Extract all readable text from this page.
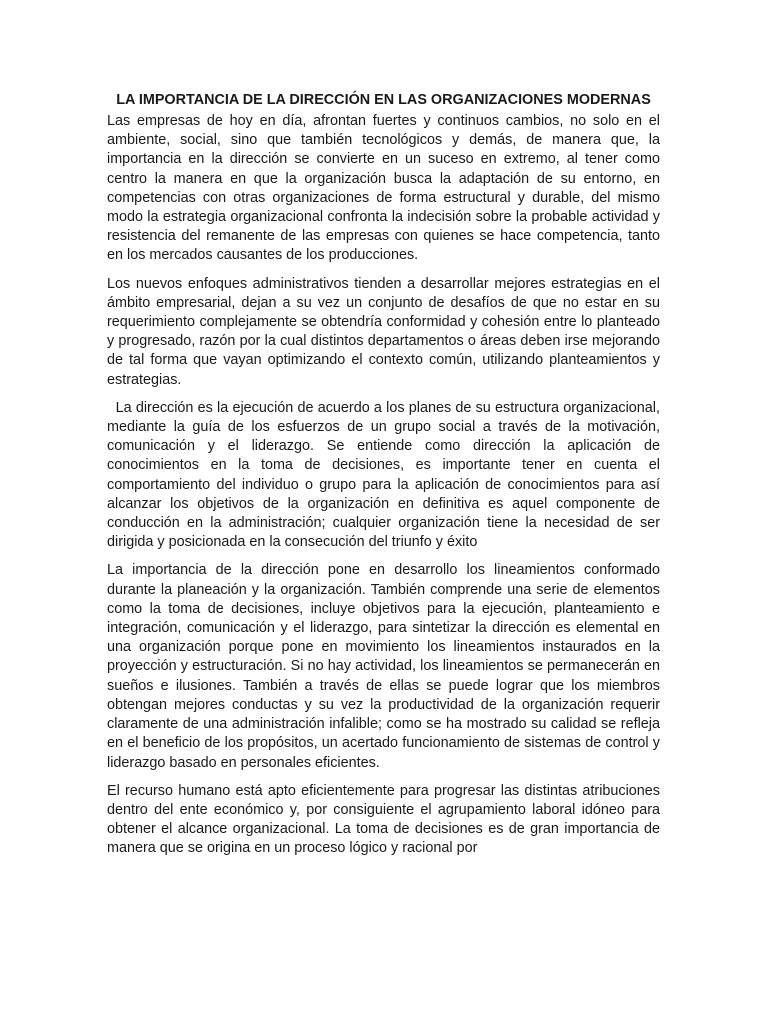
LA IMPORTANCIA DE LA DIRECCIÓN EN LAS ORGANIZACIONES MODERNAS

Las empresas de hoy en día, afrontan fuertes y continuos cambios, no solo en el ambiente, social, sino que también tecnológicos y demás, de manera que, la importancia en la dirección se convierte en un suceso en extremo, al tener como centro la manera en que la organización busca la adaptación de su entorno, en competencias con otras organizaciones de forma estructural y durable, del mismo modo la estrategia organizacional confronta la indecisión sobre la probable actividad y resistencia del remanente de las empresas con quienes se hace competencia, tanto en los mercados causantes de los producciones.

Los nuevos enfoques administrativos tienden a desarrollar mejores estrategias en el ámbito empresarial, dejan a su vez un conjunto de desafíos de que no estar en su requerimiento complejamente se obtendría conformidad y cohesión entre lo planteado y progresado, razón por la cual distintos departamentos o áreas deben irse mejorando de tal forma que vayan optimizando el contexto común, utilizando planteamientos y estrategias.

La dirección es la ejecución de acuerdo a los planes de su estructura organizacional, mediante la guía de los esfuerzos de un grupo social a través de la motivación, comunicación y el liderazgo. Se entiende como dirección la aplicación de conocimientos en la toma de decisiones, es importante tener en cuenta el comportamiento del individuo o grupo para la aplicación de conocimientos para así alcanzar los objetivos de la organización en definitiva es aquel componente de conducción en la administración; cualquier organización tiene la necesidad de ser dirigida y posicionada en la consecución del triunfo y éxito

La importancia de la dirección pone en desarrollo los lineamientos conformado durante la planeación y la organización. También comprende una serie de elementos como la toma de decisiones, incluye objetivos para la ejecución, planteamiento e integración, comunicación y el liderazgo, para sintetizar la dirección es elemental en una organización porque pone en movimiento los lineamientos instaurados en la proyección y estructuración. Si no hay actividad, los lineamientos se permanecerán en sueños e ilusiones. También a través de ellas se puede lograr que los miembros obtengan mejores conductas y su vez la productividad de la organización requerir claramente de una administración infalible; como se ha mostrado su calidad se refleja en el beneficio de los propósitos, un acertado funcionamiento de sistemas de control y liderazgo basado en personales eficientes.

El recurso humano está apto eficientemente para progresar las distintas atribuciones dentro del ente económico y, por consiguiente el agrupamiento laboral idóneo para obtener el alcance organizacional. La toma de decisiones es de gran importancia de manera que se origina en un proceso lógico y racional por
